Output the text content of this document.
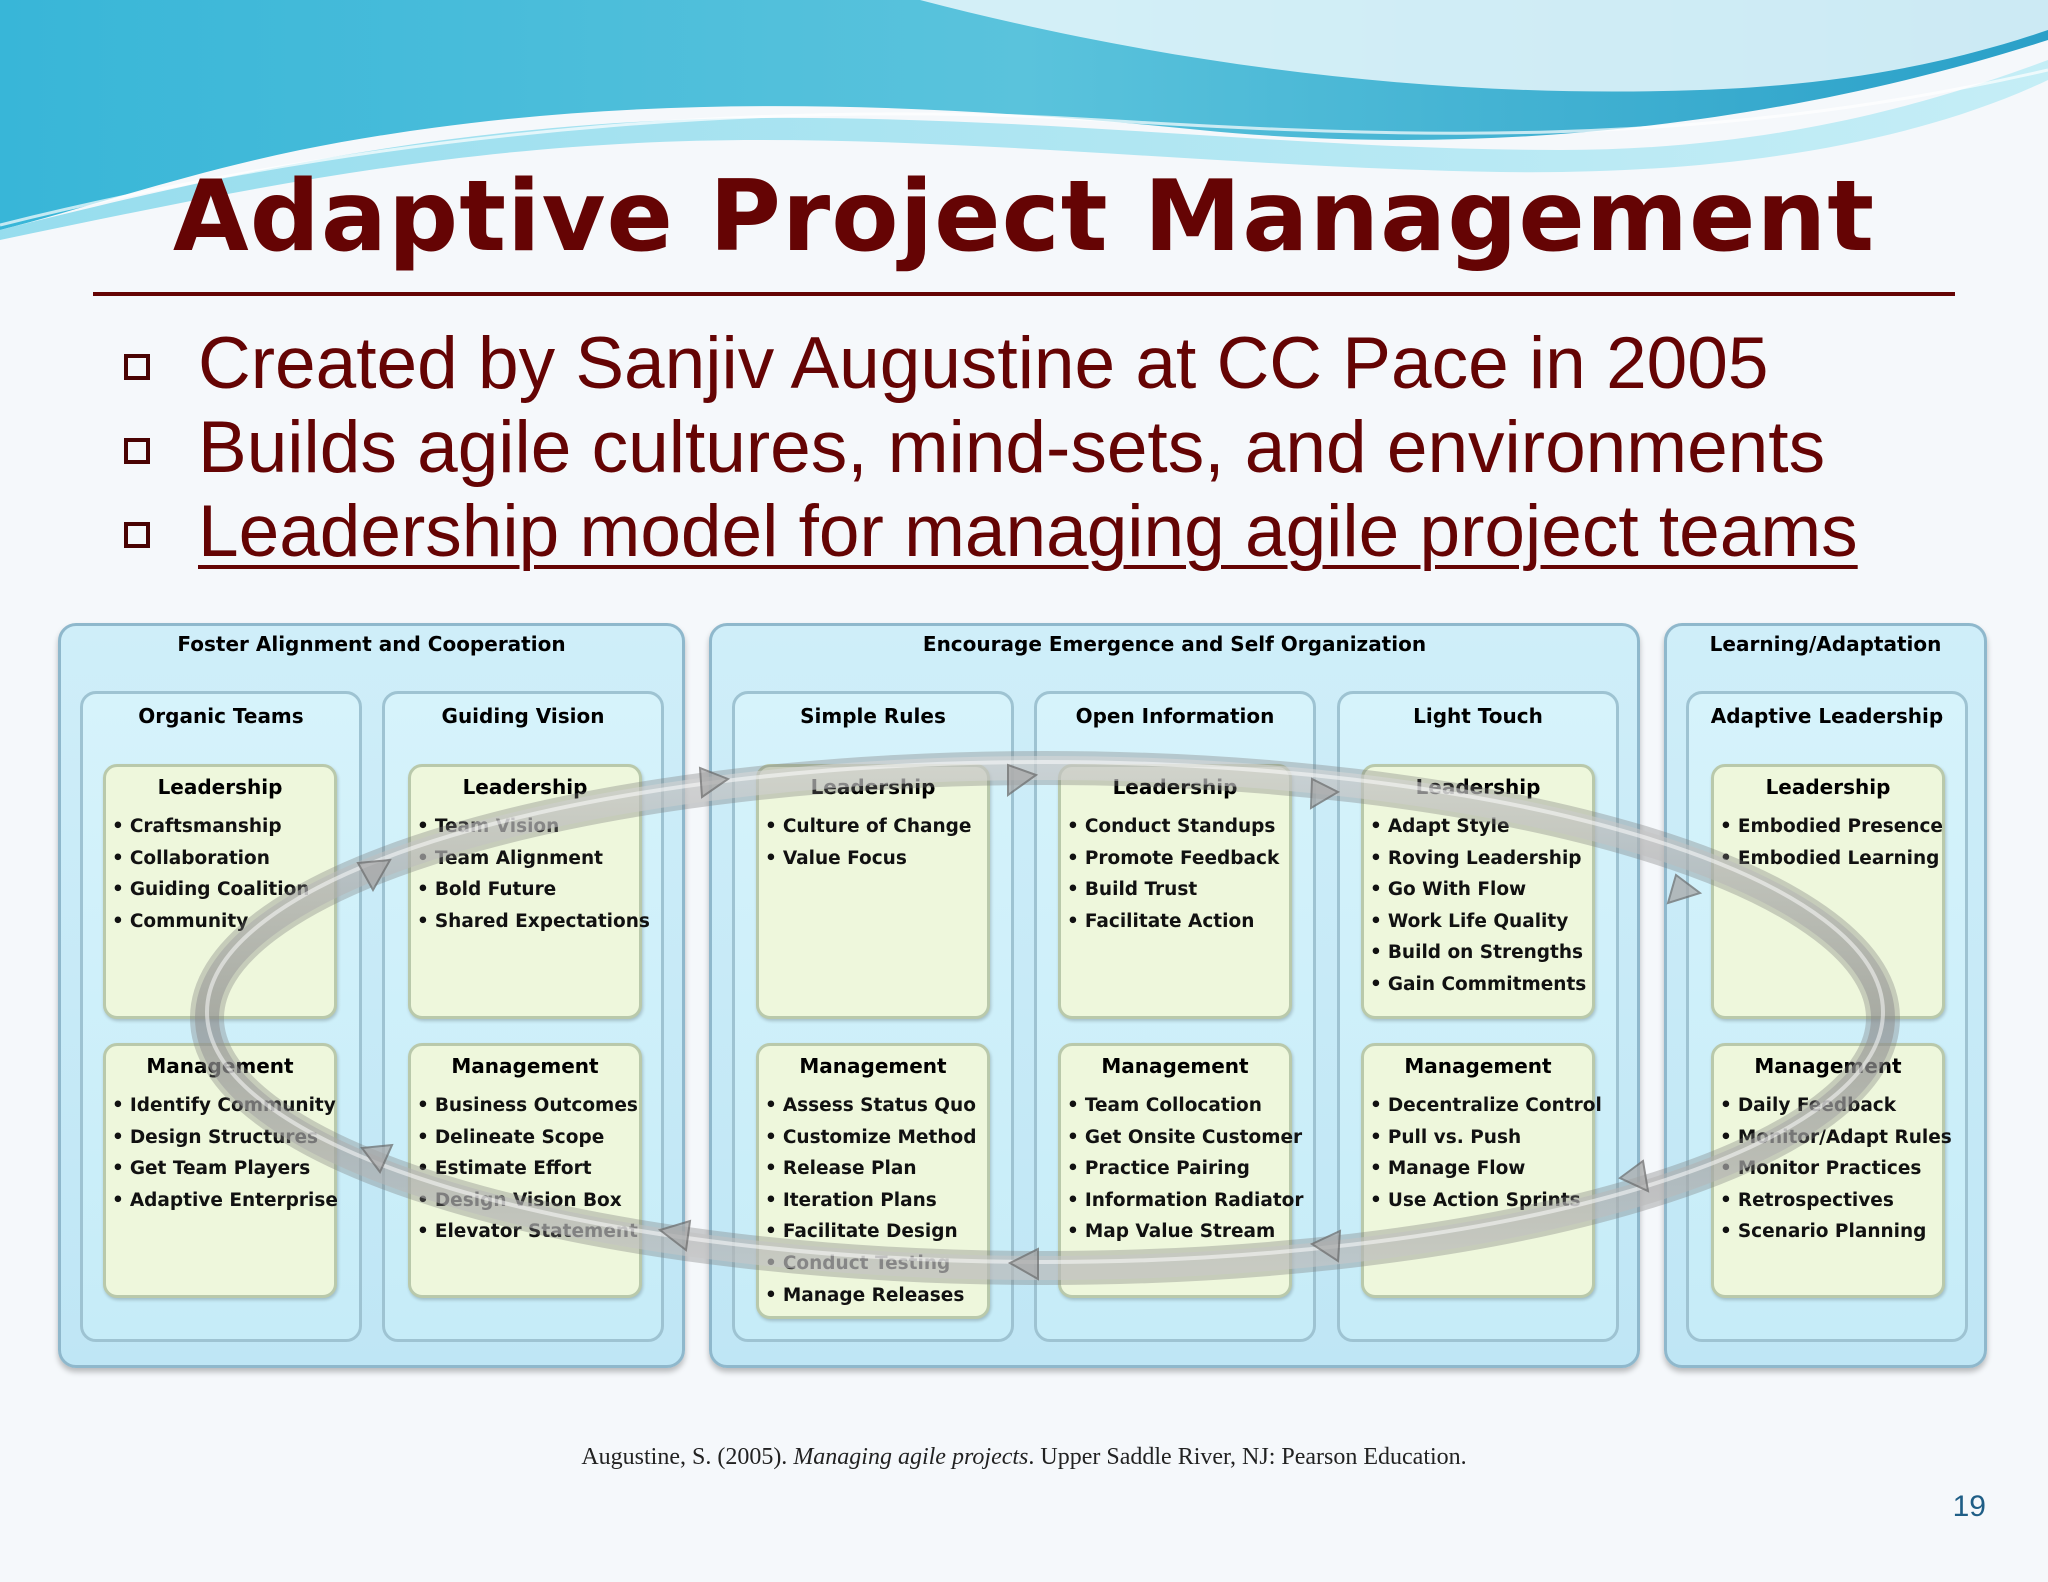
Adaptive Project Management
Created by Sanjiv Augustine at CC Pace in 2005
Builds agile cultures, mind-sets, and environments
Leadership model for managing agile project teams
Foster Alignment and Cooperation	Encourage Emergence and Self Organization	Learning/Adaptation
Organic Teams
Leadership
• Craftsmanship
• Collaboration
• Guiding Coalition
• Community
Management
• Identify Community
• Design Structures
• Get Team Players
• Adaptive Enterprise
Guiding Vision
Leadership
• Team Vision
• Team Alignment
• Bold Future
• Shared Expectations
Management
• Business Outcomes
• Delineate Scope
• Estimate Effort
• Design Vision Box
• Elevator Statement
Simple Rules
Leadership
• Culture of Change
• Value Focus
Management
• Assess Status Quo
• Customize Method
• Release Plan
• Iteration Plans
• Facilitate Design
• Conduct Testing
• Manage Releases
Open Information
Leadership
• Conduct Standups
• Promote Feedback
• Build Trust
• Facilitate Action
Management
• Team Collocation
• Get Onsite Customer
• Practice Pairing
• Information Radiator
• Map Value Stream
Light Touch
Leadership
• Adapt Style
• Roving Leadership
• Go With Flow
• Work Life Quality
• Build on Strengths
• Gain Commitments
Management
• Decentralize Control
• Pull vs. Push
• Manage Flow
• Use Action Sprints
Adaptive Leadership
Leadership
• Embodied Presence
• Embodied Learning
Management
• Daily Feedback
• Monitor/Adapt Rules
• Monitor Practices
• Retrospectives
• Scenario Planning
Augustine, S. (2005). Managing agile projects. Upper Saddle River, NJ: Pearson Education.
19
